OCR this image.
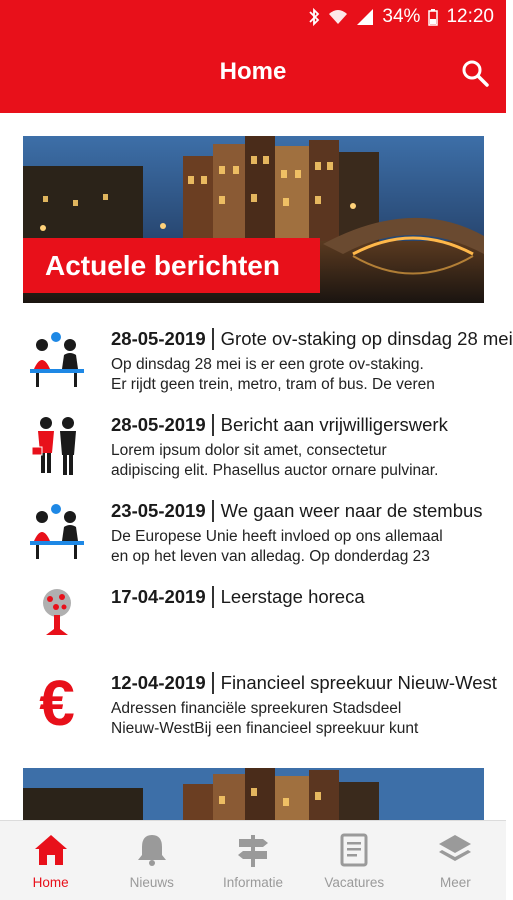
34% 12:20
Home
Actuele berichten
28-05-2019 Grote ov-staking op dinsdag 28 mei
Op dinsdag 28 mei is er een grote ov-staking.
Er rijdt geen trein, metro, tram of bus. De veren
28-05-2019 Bericht aan vrijwilligerswerk
Lorem ipsum dolor sit amet, consectetur
adipiscing elit. Phasellus auctor ornare pulvinar.
23-05-2019 We gaan weer naar de stembus
De Europese Unie heeft invloed op ons allemaal
en op het leven van alledag. Op donderdag 23
17-04-2019 Leerstage horeca
€ 12-04-2019 Financieel spreekuur Nieuw-West
Adressen financiële spreekuren Stadsdeel
Nieuw-WestBij een financieel spreekuur kunt
Home	Nieuws	Informatie	Vacatures	Meer
